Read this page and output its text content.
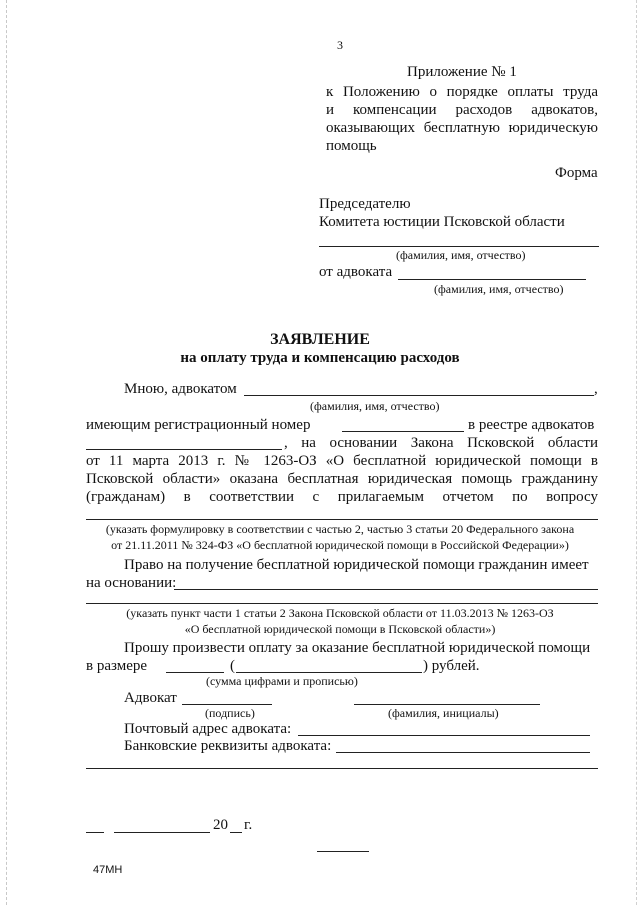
3
Приложение № 1
к Положению о порядке оплаты труда
и компенсации расходов адвокатов,
оказывающих бесплатную юридическую
помощь
Форма
Председателю
Комитета юстиции Псковской области
(фамилия, имя, отчество)
от адвоката
(фамилия, имя, отчество)
ЗАЯВЛЕНИЕ
на оплату труда и компенсацию расходов
Мною, адвокатом	,
(фамилия, имя, отчество)
имеющим регистрационный номер	в реестре адвокатов
, на основании Закона Псковской области
от 11 марта 2013 г. № 1263-ОЗ «О бесплатной юридической помощи в
Псковской области» оказана бесплатная юридическая помощь гражданину
(гражданам) в соответствии с прилагаемым отчетом по вопросу
(указать формулировку в соответствии с частью 2, частью 3 статьи 20 Федерального закона
от 21.11.2011 № 324-ФЗ «О бесплатной юридической помощи в Российской Федерации»)
Право на получение бесплатной юридической помощи гражданин имеет
на основании:
(указать пункт части 1 статьи 2 Закона Псковской области от 11.03.2013 № 1263-ОЗ
«О бесплатной юридической помощи в Псковской области»)
Прошу произвести оплату за оказание бесплатной юридической помощи
в размере	(	) рублей.
(сумма цифрами и прописью)
Адвокат
(подпись)	(фамилия, инициалы)
Почтовый адрес адвоката:
Банковские реквизиты адвоката:
20 г.
47МН
